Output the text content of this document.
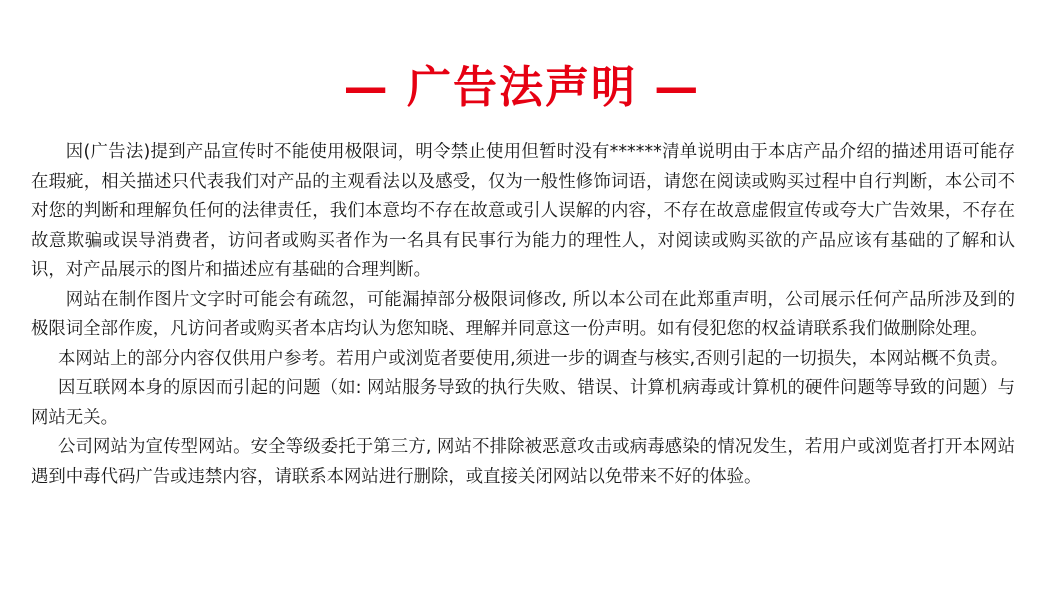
— 广告法声明 —

因(广告法)提到产品宣传时不能使用极限词，明令禁止使用但暂时没有******清单说明由于本店产品介绍的描述用语可能存在瑕疵，相关描述只代表我们对产品的主观看法以及感受，仅为一般性修饰词语，请您在阅读或购买过程中自行判断，本公司不对您的判断和理解负任何的法律责任，我们本意均不存在故意或引人误解的内容，不存在故意虚假宣传或夸大广告效果，不存在故意欺骗或误导消费者，访问者或购买者作为一名具有民事行为能力的理性人，对阅读或购买欲的产品应该有基础的了解和认识，对产品展示的图片和描述应有基础的合理判断。

网站在制作图片文字时可能会有疏忽，可能漏掉部分极限词修改, 所以本公司在此郑重声明，公司展示任何产品所涉及到的极限词全部作废，凡访问者或购买者本店均认为您知晓、理解并同意这一份声明。如有侵犯您的权益请联系我们做删除处理。

本网站上的部分内容仅供用户参考。若用户或浏览者要使用,须进一步的调查与核实,否则引起的一切损失，本网站概不负责。

因互联网本身的原因而引起的问题（如: 网站服务导致的执行失败、错误、计算机病毒或计算机的硬件问题等导致的问题）与网站无关。

公司网站为宣传型网站。安全等级委托于第三方, 网站不排除被恶意攻击或病毒感染的情况发生，若用户或浏览者打开本网站遇到中毒代码广告或违禁内容，请联系本网站进行删除，或直接关闭网站以免带来不好的体验。
